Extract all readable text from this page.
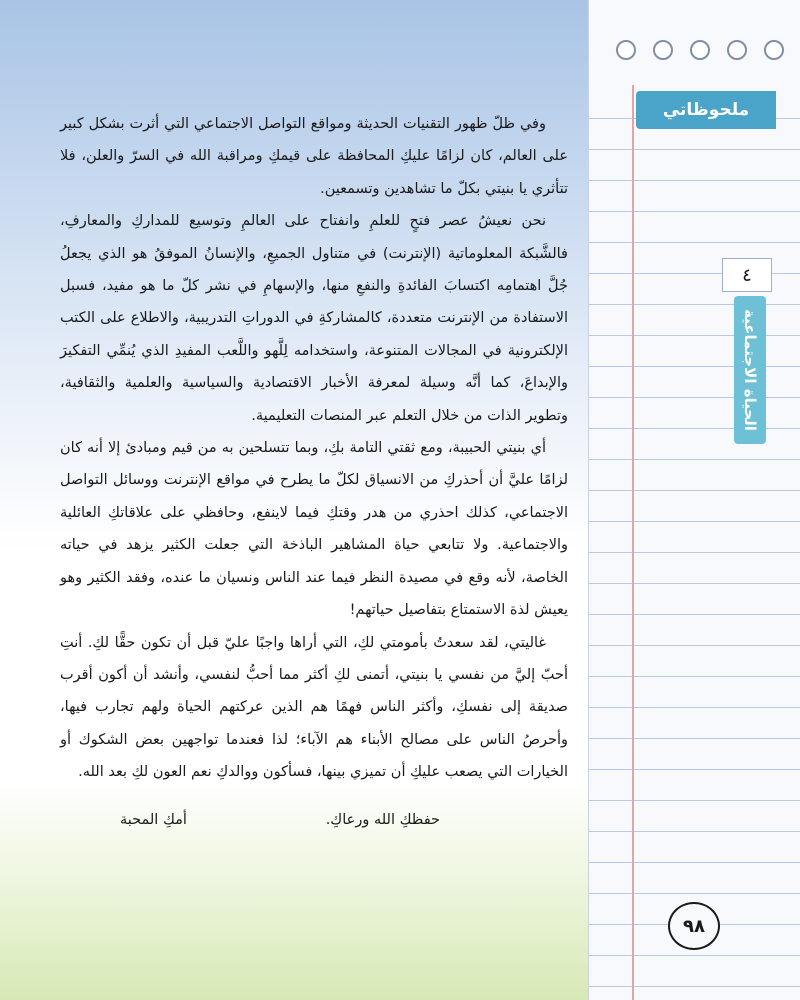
وفي ظلّ ظهور التقنيات الحديثة ومواقع التواصل الاجتماعي التي أثرت بشكل كبير على العالم، كان لزامًا عليكِ المحافظة على قيمكِ ومراقبة الله في السرّ والعلن، فلا تتأثري يا بنيتي بكلّ ما تشاهدين وتسمعين.

نحن نعيشُ عصر فتحٍ للعلمِ وانفتاح على العالمِ وتوسيع للمداركِ والمعارفِ، فالشَّبكة المعلوماتية (الإنترنت) في متناول الجميعِ، والإنسانُ الموفقُ هو الذي يجعلُ جُلَّ اهتمامِه اكتسابَ الفائدةِ والنفعِ منها، والإسهامِ في نشر كلّ ما هو مفيد، فسبل الاستفادة من الإنترنت متعددة، كالمشاركةِ في الدوراتِ التدريبية، والاطلاع على الكتب الإلكترونية في المجالات المتنوعة، واستخدامه لِلَّهو واللَّعب المفيدِ الذي يُنمِّي التفكيرَ والإبداعَ، كما أنَّه وسيلة لمعرفة الأخبار الاقتصادية والسياسية والعلمية والثقافية، وتطوير الذات من خلال التعلم عبر المنصات التعليمية.

أي بنيتي الحبيبة، ومع ثقتي التامة بكِ، وبما تتسلحين به من قيم ومبادئ إلا أنه كان لزامًا عليَّ أن أحذركِ من الانسياق لكلّ ما يطرح في مواقع الإنترنت ووسائل التواصل الاجتماعي، كذلك احذري من هدر وقتكِ فيما لاينفع، وحافظي على علاقاتكِ العائلية والاجتماعية. ولا تتابعي حياة المشاهير الباذخة التي جعلت الكثير يزهد في حياته الخاصة، لأنه وقع في مصيدة النظر فيما عند الناس ونسيان ما عنده، وفقد الكثير وهو يعيش لذة الاستمتاع بتفاصيل حياتهم!

غاليتي، لقد سعدتُ بأمومتي لكِ، التي أراها واجبًا عليّ قبل أن تكون حقًّا لكِ. أنتِ أحبّ إليَّ من نفسي يا بنيتي، أتمنى لكِ أكثر مما أحبُّ لنفسي، وأنشد أن أكون أقرب صديقة إلى نفسكِ، وأكثر الناس فهمًا هم الذين عركتهم الحياة ولهم تجارب فيها، وأحرصُ الناس على مصالح الأبناء هم الآباء؛ لذا فعندما تواجهين بعض الشكوك أو الخيارات التي يصعب عليكِ أن تميزي بينها، فسأكون ووالدكِ نعم العون لكِ بعد الله.

حفظكِ الله ورعاكِ.
أمكِ المحبة
ملحوظاتي
٤
الحياة الاجتماعية
٩٨
